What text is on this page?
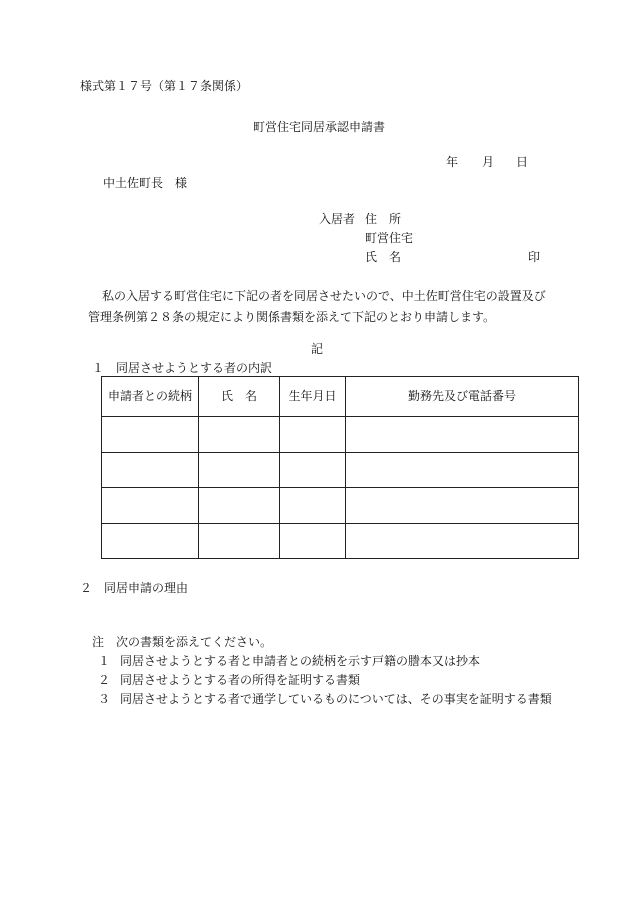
様式第１７号（第１７条関係）
町営住宅同居承認申請書
年 月 日
中土佐町長　様
入居者 住　所
町営住宅
氏　名	印

私の入居する町営住宅に下記の者を同居させたいので、中土佐町営住宅の設置及び

管理条例第２８条の規定により関係書類を添えて下記のとおり申請します。

記
１　同居させようとする者の内訳
申請者との続柄	氏　名	生年月日	勤務先及び電話番号

２　同居申請の理由
注　次の書類を添えてください。
１ 同居させようとする者と申請者との続柄を示す戸籍の謄本又は抄本
２ 同居させようとする者の所得を証明する書類
３ 同居させようとする者で通学しているものについては、その事実を証明する書類
